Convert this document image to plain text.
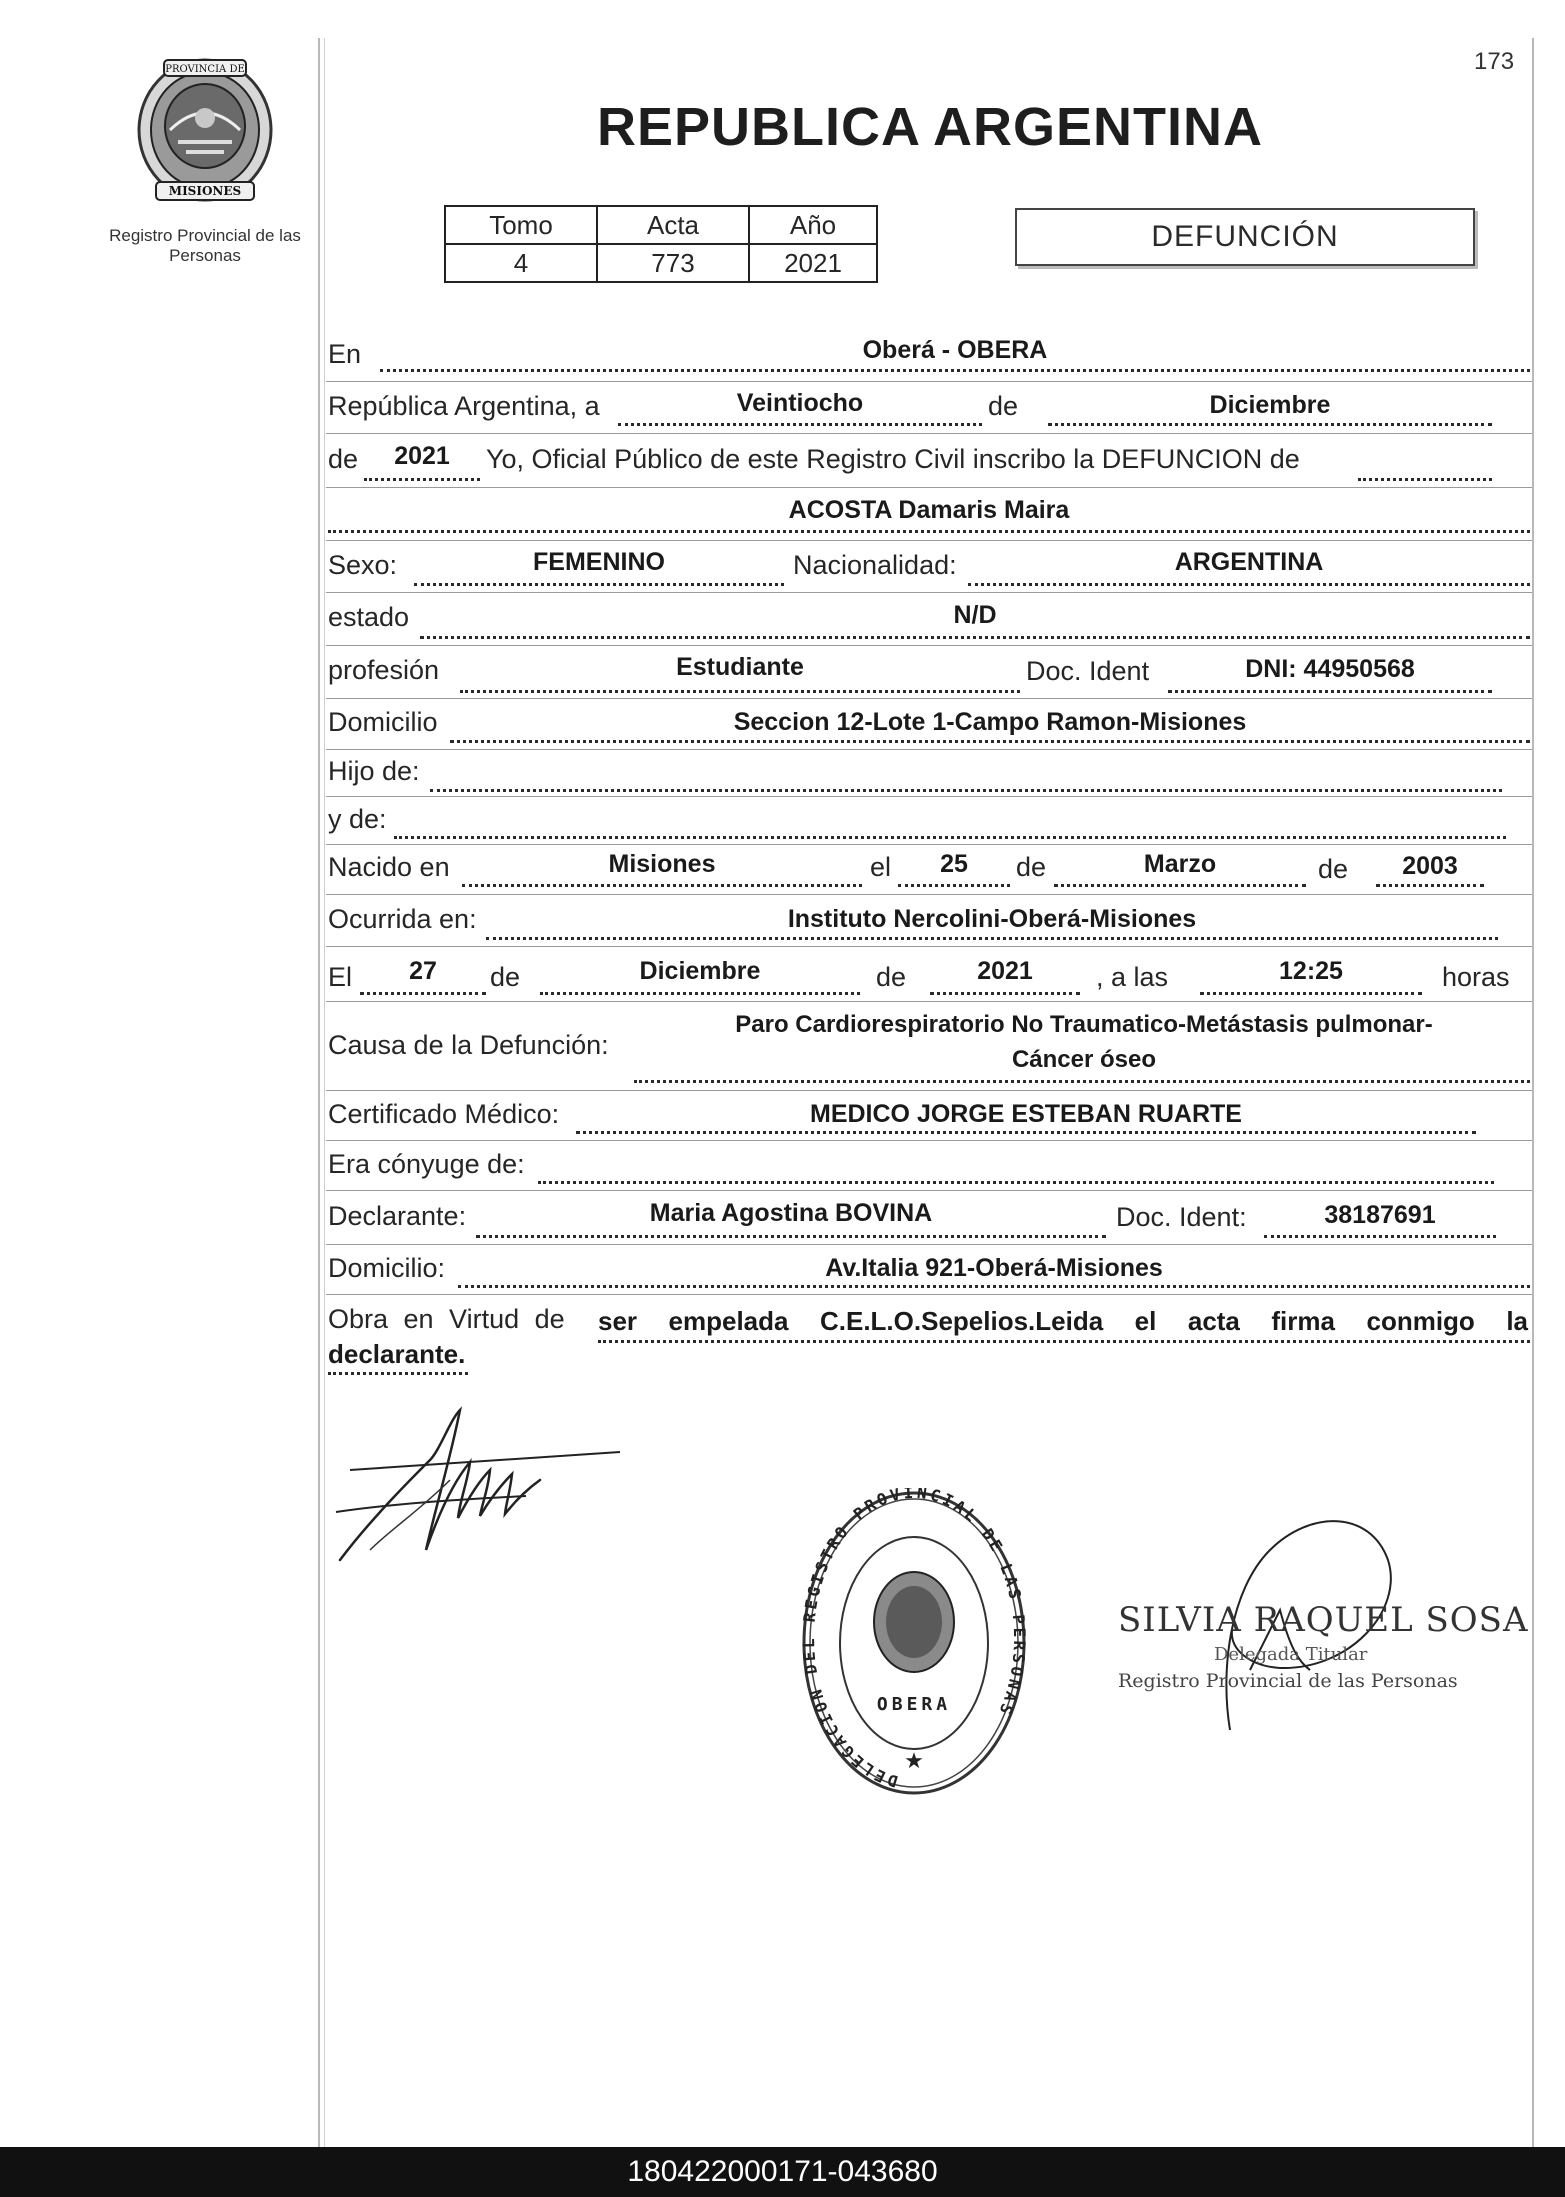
173
PROVINCIA DE
MISIONES
Registro Provincial de las Personas
REPUBLICA ARGENTINA
Tomo	Acta	Año
4	773	2021
DEFUNCIÓN
En	Oberá - OBERA
República Argentina, a	Veintiocho	de	Diciembre
de	2021	Yo, Oficial Público de este Registro Civil inscribo la DEFUNCION de
ACOSTA Damaris Maira
Sexo:	FEMENINO	Nacionalidad:	ARGENTINA
estado	N/D
profesión	Estudiante	Doc. Ident	DNI: 44950568
Domicilio	Seccion 12-Lote 1-Campo Ramon-Misiones
Hijo de:
y de:
Nacido en	Misiones	el	25	de	Marzo	de	2003
Ocurrida en:	Instituto Nercolini-Oberá-Misiones
El	27	de	Diciembre	de	2021	, a las	12:25	horas
Causa de la Defunción:
Paro Cardiorespiratorio No Traumatico-Metástasis pulmonar-
Cáncer óseo
Certificado Médico:	MEDICO JORGE ESTEBAN RUARTE
Era cónyuge de:
Declarante:	Maria Agostina BOVINA	Doc. Ident:	38187691
Domicilio:	Av.Italia 921-Oberá-Misiones
Obra en Virtud de ser empelada C.E.L.O.Sepelios.Leida el acta firma conmigo la
declarante.
DELEGACION DEL REGISTRO PROVINCIAL DE LAS PERSONAS
OBERA
★
SILVIA RAQUEL SOSA
Delegada Titular
Registro Provincial de las Personas
180422000171-043680
